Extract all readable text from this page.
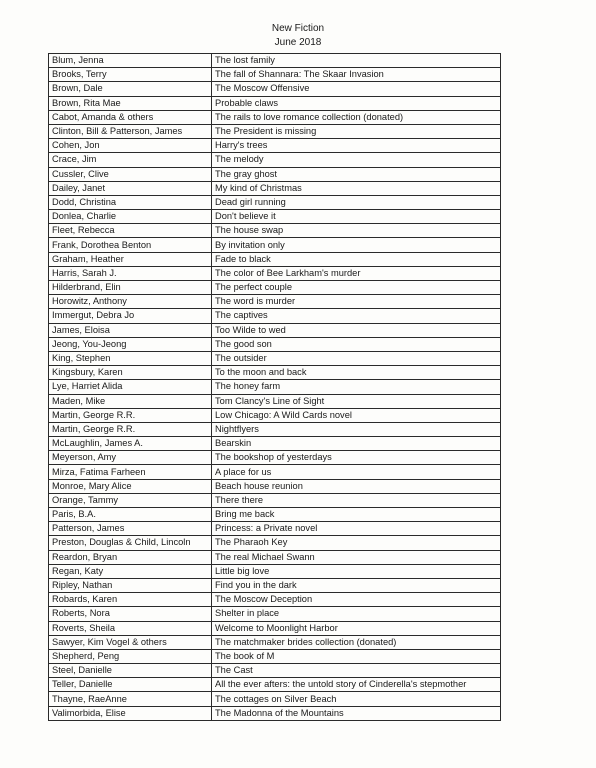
New Fiction
June 2018
Blum, Jenna	The lost family
Brooks, Terry	The fall of Shannara: The Skaar Invasion
Brown, Dale	The Moscow Offensive
Brown, Rita Mae	Probable claws
Cabot, Amanda & others	The rails to love romance collection (donated)
Clinton, Bill & Patterson, James	The President is missing
Cohen, Jon	Harry's trees
Crace, Jim	The melody
Cussler, Clive	The gray ghost
Dailey, Janet	My kind of Christmas
Dodd, Christina	Dead girl running
Donlea, Charlie	Don't believe it
Fleet, Rebecca	The house swap
Frank, Dorothea Benton	By invitation only
Graham, Heather	Fade to black
Harris, Sarah J.	The color of Bee Larkham's murder
Hilderbrand, Elin	The perfect couple
Horowitz, Anthony	The word is murder
Immergut, Debra Jo	The captives
James, Eloisa	Too Wilde to wed
Jeong, You-Jeong	The good son
King, Stephen	The outsider
Kingsbury, Karen	To the moon and back
Lye, Harriet Alida	The honey farm
Maden, Mike	Tom Clancy's Line of Sight
Martin, George R.R.	Low Chicago: A Wild Cards novel
Martin, George R.R.	Nightflyers
McLaughlin, James A.	Bearskin
Meyerson, Amy	The bookshop of yesterdays
Mirza, Fatima Farheen	A place for us
Monroe, Mary Alice	Beach house reunion
Orange, Tammy	There there
Paris, B.A.	Bring me back
Patterson, James	Princess: a Private novel
Preston, Douglas & Child, Lincoln	The Pharaoh Key
Reardon, Bryan	The real Michael Swann
Regan, Katy	Little big love
Ripley, Nathan	Find you in the dark
Robards, Karen	The Moscow Deception
Roberts, Nora	Shelter in place
Roverts, Sheila	Welcome to Moonlight Harbor
Sawyer, Kim Vogel & others	The matchmaker brides collection (donated)
Shepherd, Peng	The book of M
Steel, Danielle	The Cast
Teller, Danielle	All the ever afters: the untold story of Cinderella's stepmother
Thayne, RaeAnne	The cottages on Silver Beach
Valimorbida, Elise	The Madonna of the Mountains
